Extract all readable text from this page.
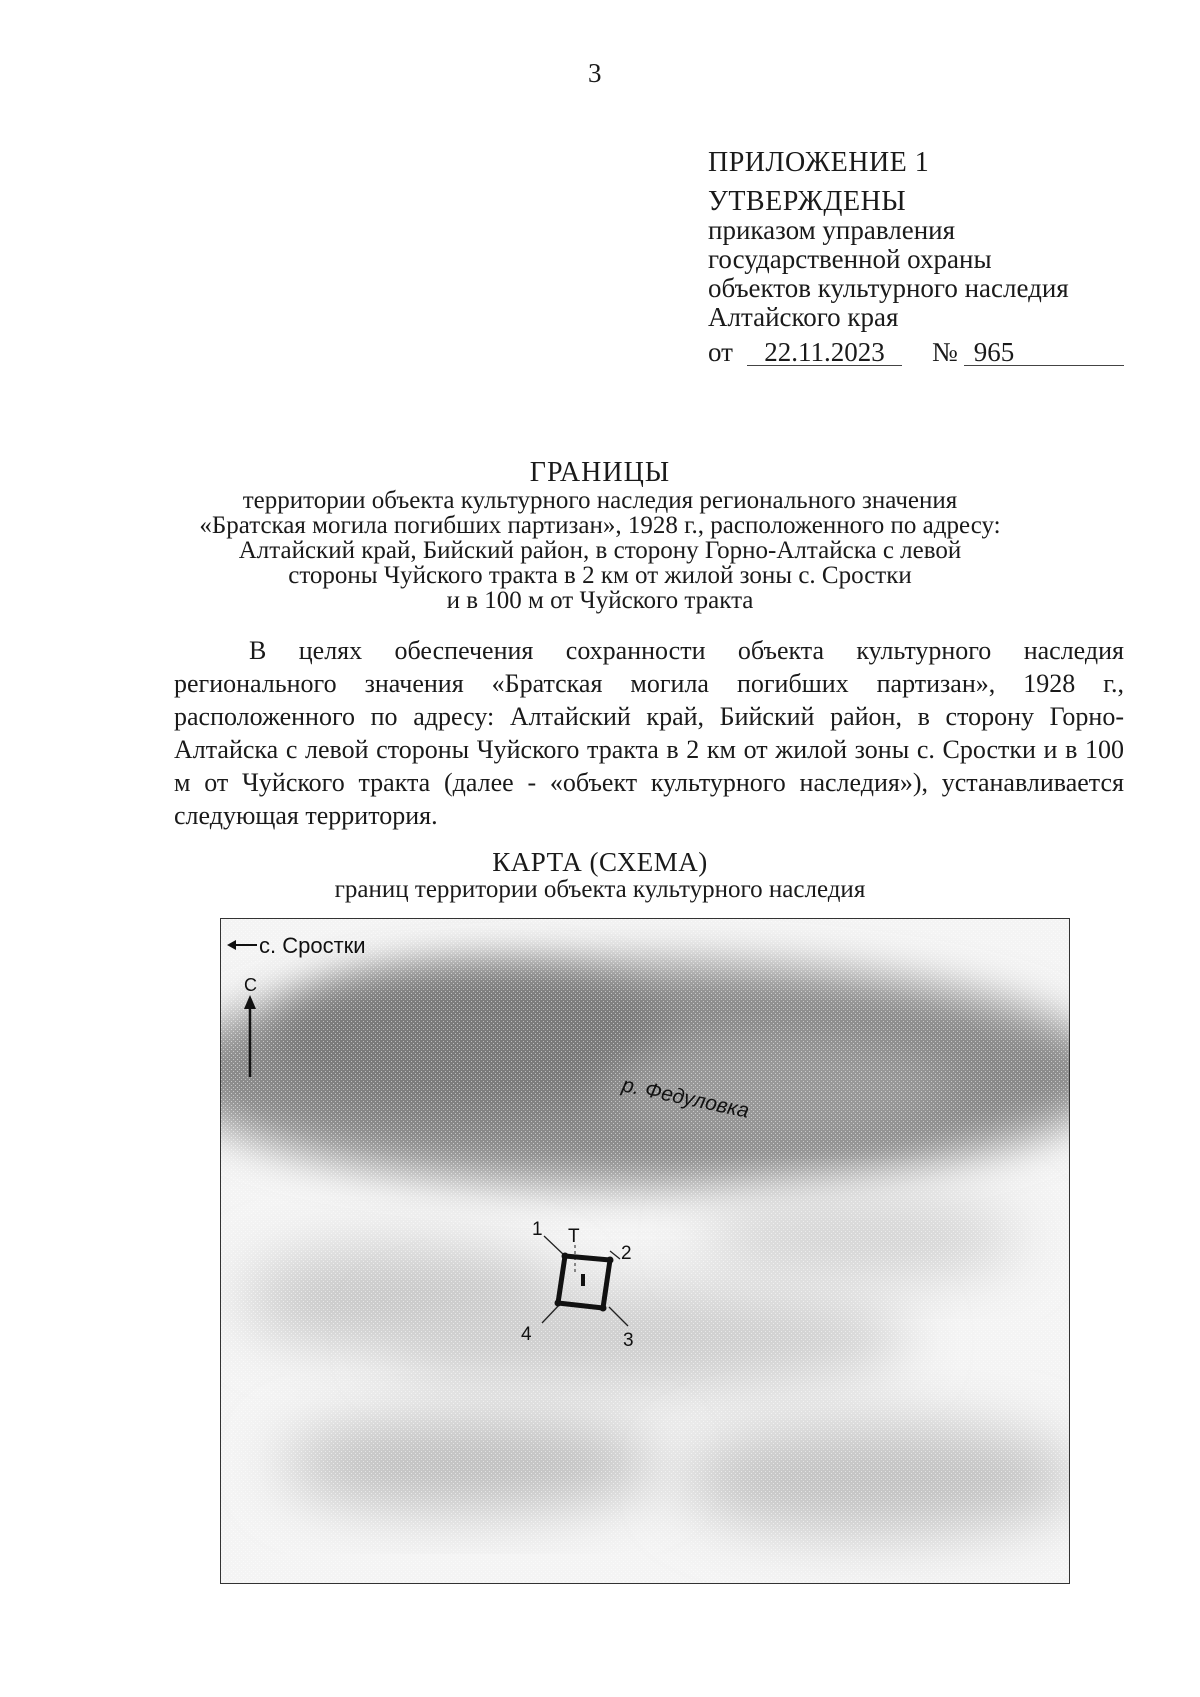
3
ПРИЛОЖЕНИЕ 1
УТВЕРЖДЕНЫ
приказом управления
государственной охраны
объектов культурного наследия
Алтайского края
от 22.11.2023 № 965
ГРАНИЦЫ
территории объекта культурного наследия регионального значения
«Братская могила погибших партизан», 1928 г., расположенного по адресу:
Алтайский край, Бийский район, в сторону Горно-Алтайска с левой
стороны Чуйского тракта в 2 км от жилой зоны с. Сростки
и в 100 м от Чуйского тракта

В целях обеспечения сохранности объекта культурного наследия регионального значения «Братская могила погибших партизан», 1928 г., расположенного по адресу: Алтайский край, Бийский район, в сторону Горно-Алтайска с левой стороны Чуйского тракта в 2 км от жилой зоны с. Сростки и в 100 м от Чуйского тракта (далее - «объект культурного наследия»), устанавливается следующая территория.

КАРТА (СХЕМА)
границ территории объекта культурного наследия
с. Сростки
С
р. Федуловка
Т
1
2
3
4
